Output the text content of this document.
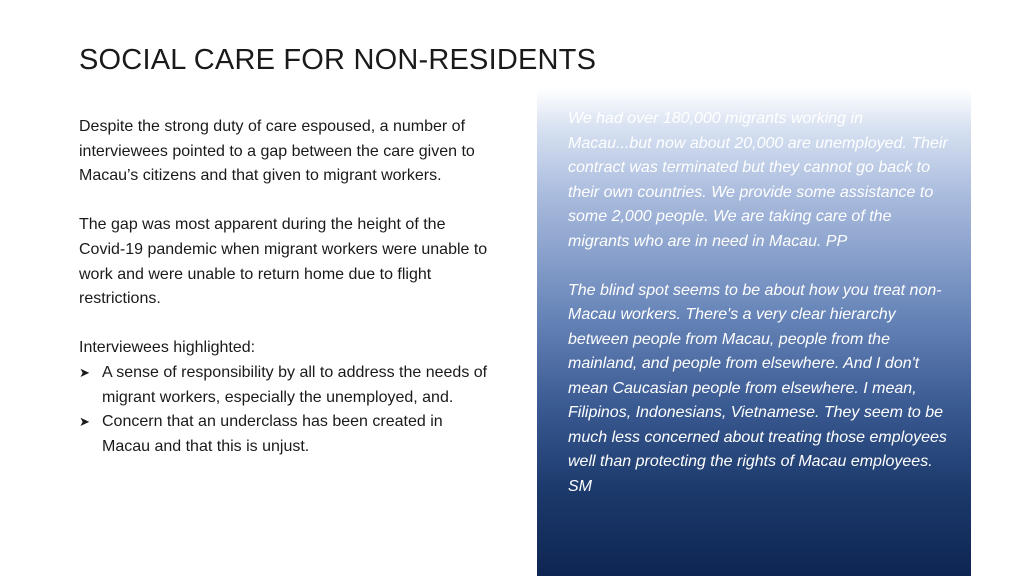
SOCIAL CARE FOR NON-RESIDENTS

Despite the strong duty of care espoused, a number of interviewees pointed to a gap between the care given to Macau’s citizens and that given to migrant workers.

The gap was most apparent during the height of the Covid-19 pandemic when migrant workers were unable to work and were unable to return home due to flight restrictions.

Interviewees highlighted:

➤ A sense of responsibility by all to address the needs of migrant workers, especially the unemployed, and.
➤ Concern that an underclass has been created in Macau and that this is unjust.

We had over 180,000 migrants working in Macau...but now about 20,000 are unemployed. Their contract was terminated but they cannot go back to their own countries. We provide some assistance to some 2,000 people. We are taking care of the migrants who are in need in Macau. PP

The blind spot seems to be about how you treat non-Macau workers. There's a very clear hierarchy between people from Macau, people from the mainland, and people from elsewhere. And I don't mean Caucasian people from elsewhere. I mean, Filipinos, Indonesians, Vietnamese. They seem to be much less concerned about treating those employees well than protecting the rights of Macau employees. SM
